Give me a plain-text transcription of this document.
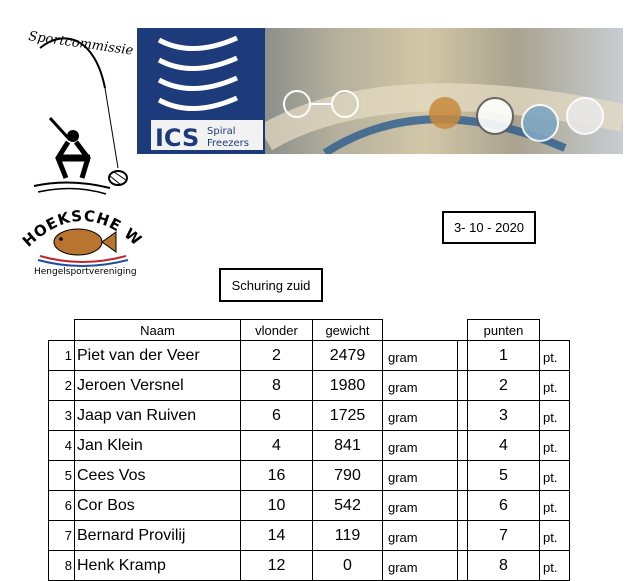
Sportcommissie
HOEKSCHE W
Hengelsportvereniging
ICS Spiral
Freezers
3- 10 - 2020
Schuring zuid
	Naam	vlonder	gewicht			punten	
1	Piet van der Veer	2	2479	gram		1	pt.
2	Jeroen Versnel	8	1980	gram		2	pt.
3	Jaap van Ruiven	6	1725	gram		3	pt.
4	Jan Klein	4	841	gram		4	pt.
5	Cees Vos	16	790	gram		5	pt.
6	Cor Bos	10	542	gram		6	pt.
7	Bernard Provilij	14	119	gram		7	pt.
8	Henk Kramp	12	0	gram		8	pt.
